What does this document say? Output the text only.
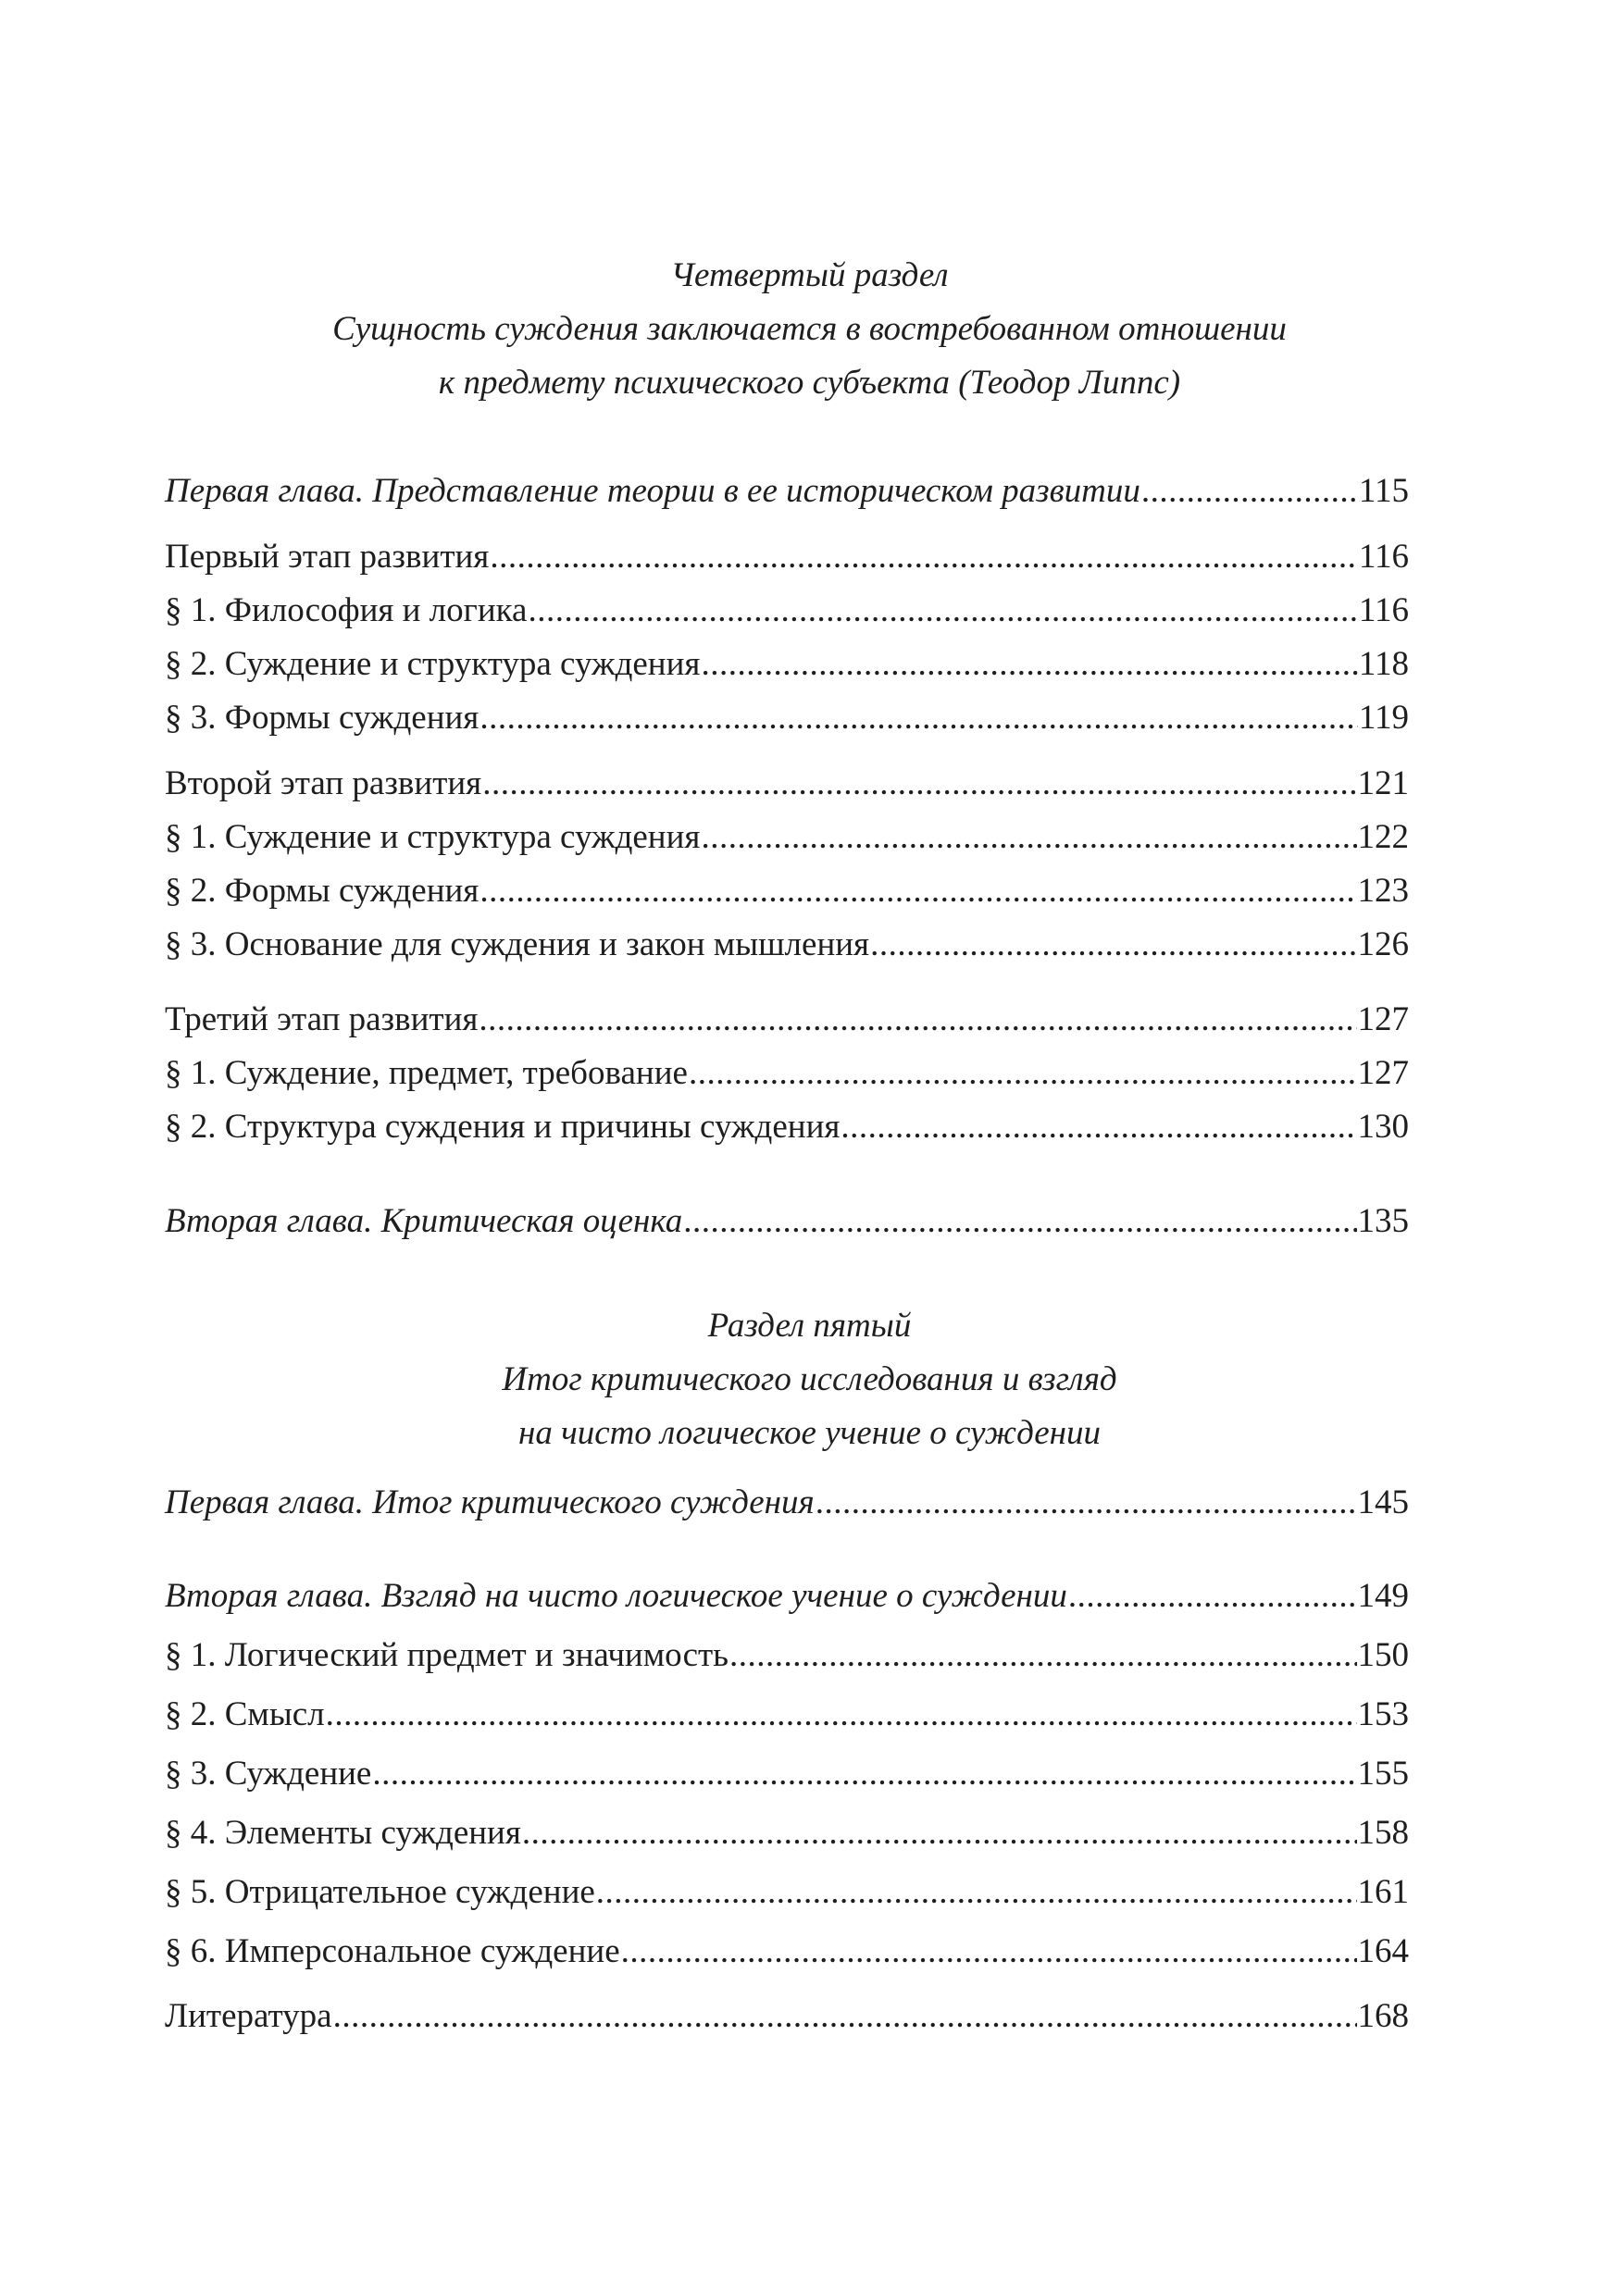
Четвертый раздел
Сущность суждения заключается в востребованном отношении
к предмету психического субъекта (Теодор Липпс)
Первая глава. Представление теории в ее историческом развитии .....	115
Первый этап развития .....	116
§ 1. Философия и логика .....	116
§ 2. Суждение и структура суждения .....	118
§ 3. Формы суждения .....	119
Второй этап развития .....	121
§ 1. Суждение и структура суждения .....	122
§ 2. Формы суждения .....	123
§ 3. Основание для суждения и закон мышления .....	126
Третий этап развития .....	127
§ 1. Суждение, предмет, требование .....	127
§ 2. Структура суждения и причины суждения .....	130
Вторая глава. Критическая оценка .....	135
Первая глава. Итог критического суждения .....	145
Вторая глава. Взгляд на чисто логическое учение о суждении .....	149
§ 1. Логический предмет и значимость .....	150
§ 2. Смысл .....	153
§ 3. Суждение .....	155
§ 4. Элементы суждения .....	158
§ 5. Отрицательное суждение .....	161
§ 6. Имперсональное суждение .....	164
Литература .....	168
Раздел пятый
Итог критического исследования и взгляд
на чисто логическое учение о суждении
